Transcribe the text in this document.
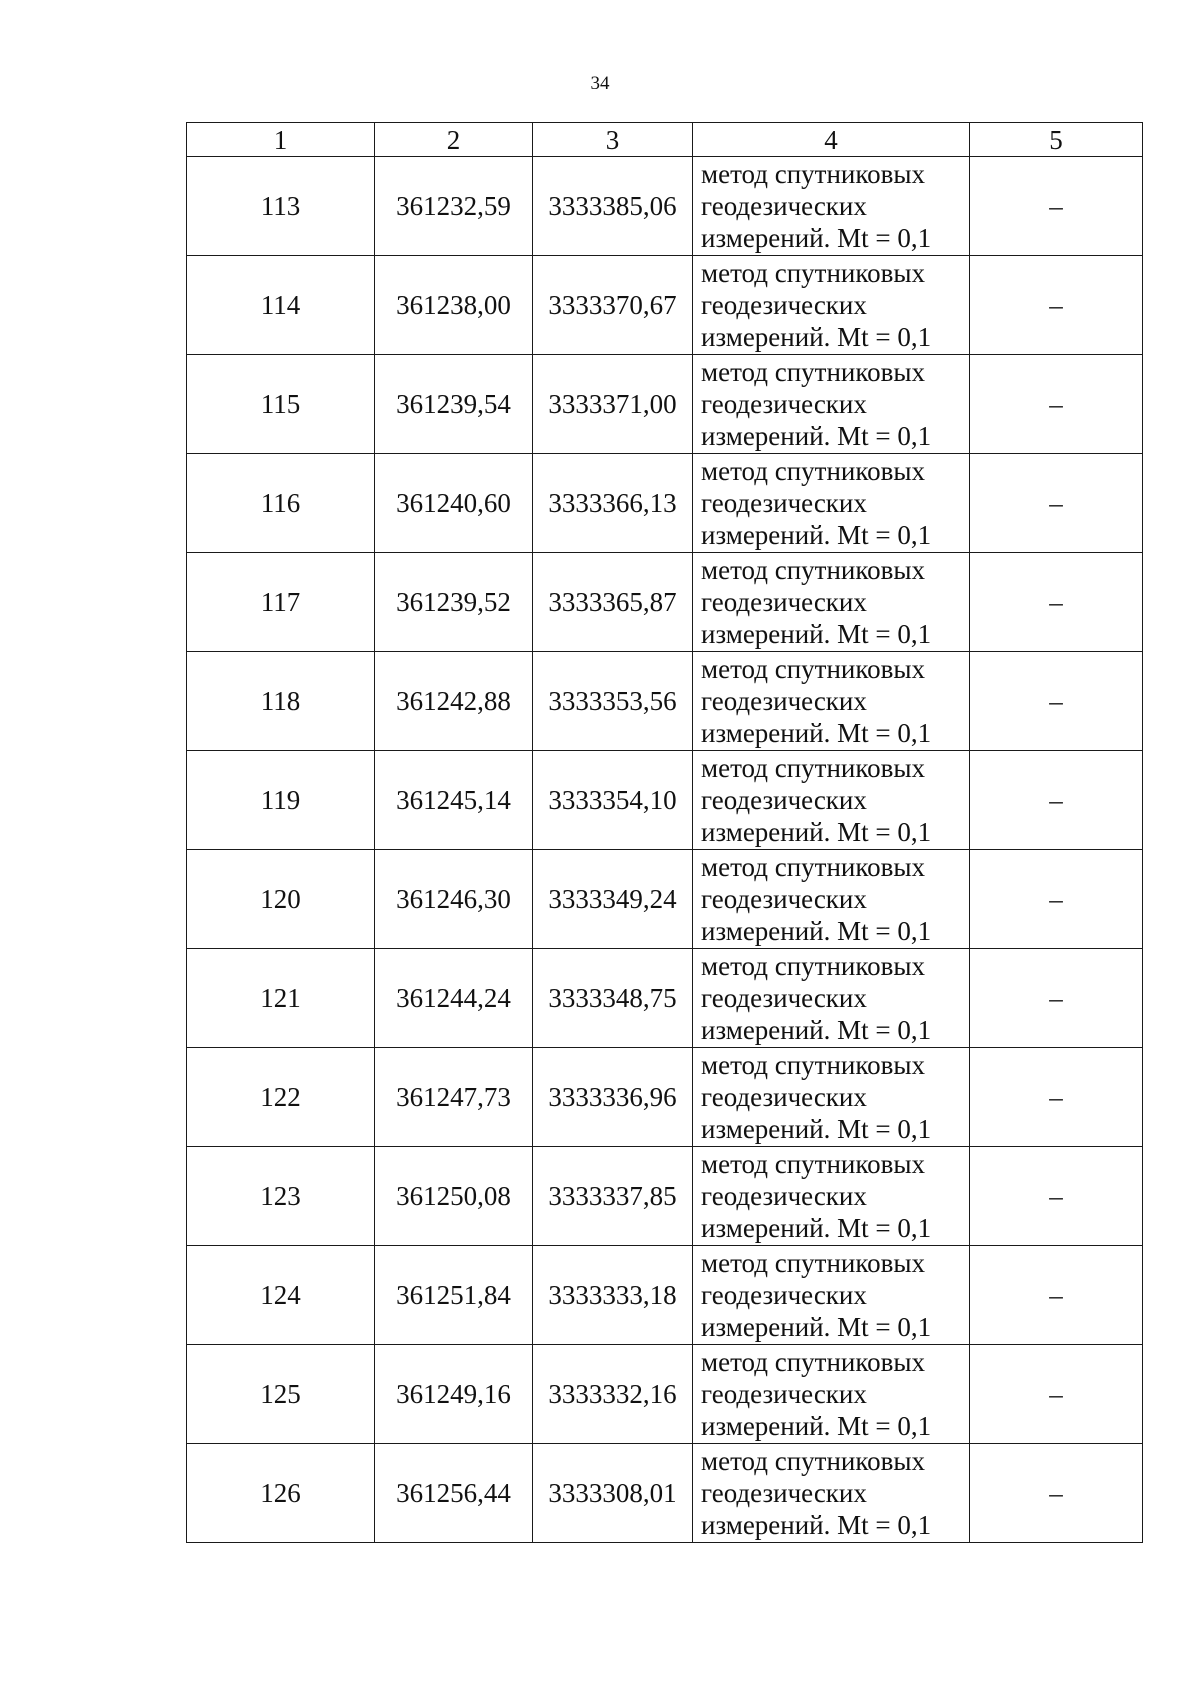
34
1	2	3	4	5
113	361232,59	3333385,06	метод спутниковых
геодезических
измерений. Mt = 0,1	–
114	361238,00	3333370,67	метод спутниковых
геодезических
измерений. Mt = 0,1	–
115	361239,54	3333371,00	метод спутниковых
геодезических
измерений. Mt = 0,1	–
116	361240,60	3333366,13	метод спутниковых
геодезических
измерений. Mt = 0,1	–
117	361239,52	3333365,87	метод спутниковых
геодезических
измерений. Mt = 0,1	–
118	361242,88	3333353,56	метод спутниковых
геодезических
измерений. Mt = 0,1	–
119	361245,14	3333354,10	метод спутниковых
геодезических
измерений. Mt = 0,1	–
120	361246,30	3333349,24	метод спутниковых
геодезических
измерений. Mt = 0,1	–
121	361244,24	3333348,75	метод спутниковых
геодезических
измерений. Mt = 0,1	–
122	361247,73	3333336,96	метод спутниковых
геодезических
измерений. Mt = 0,1	–
123	361250,08	3333337,85	метод спутниковых
геодезических
измерений. Mt = 0,1	–
124	361251,84	3333333,18	метод спутниковых
геодезических
измерений. Mt = 0,1	–
125	361249,16	3333332,16	метод спутниковых
геодезических
измерений. Mt = 0,1	–
126	361256,44	3333308,01	метод спутниковых
геодезических
измерений. Mt = 0,1	–
